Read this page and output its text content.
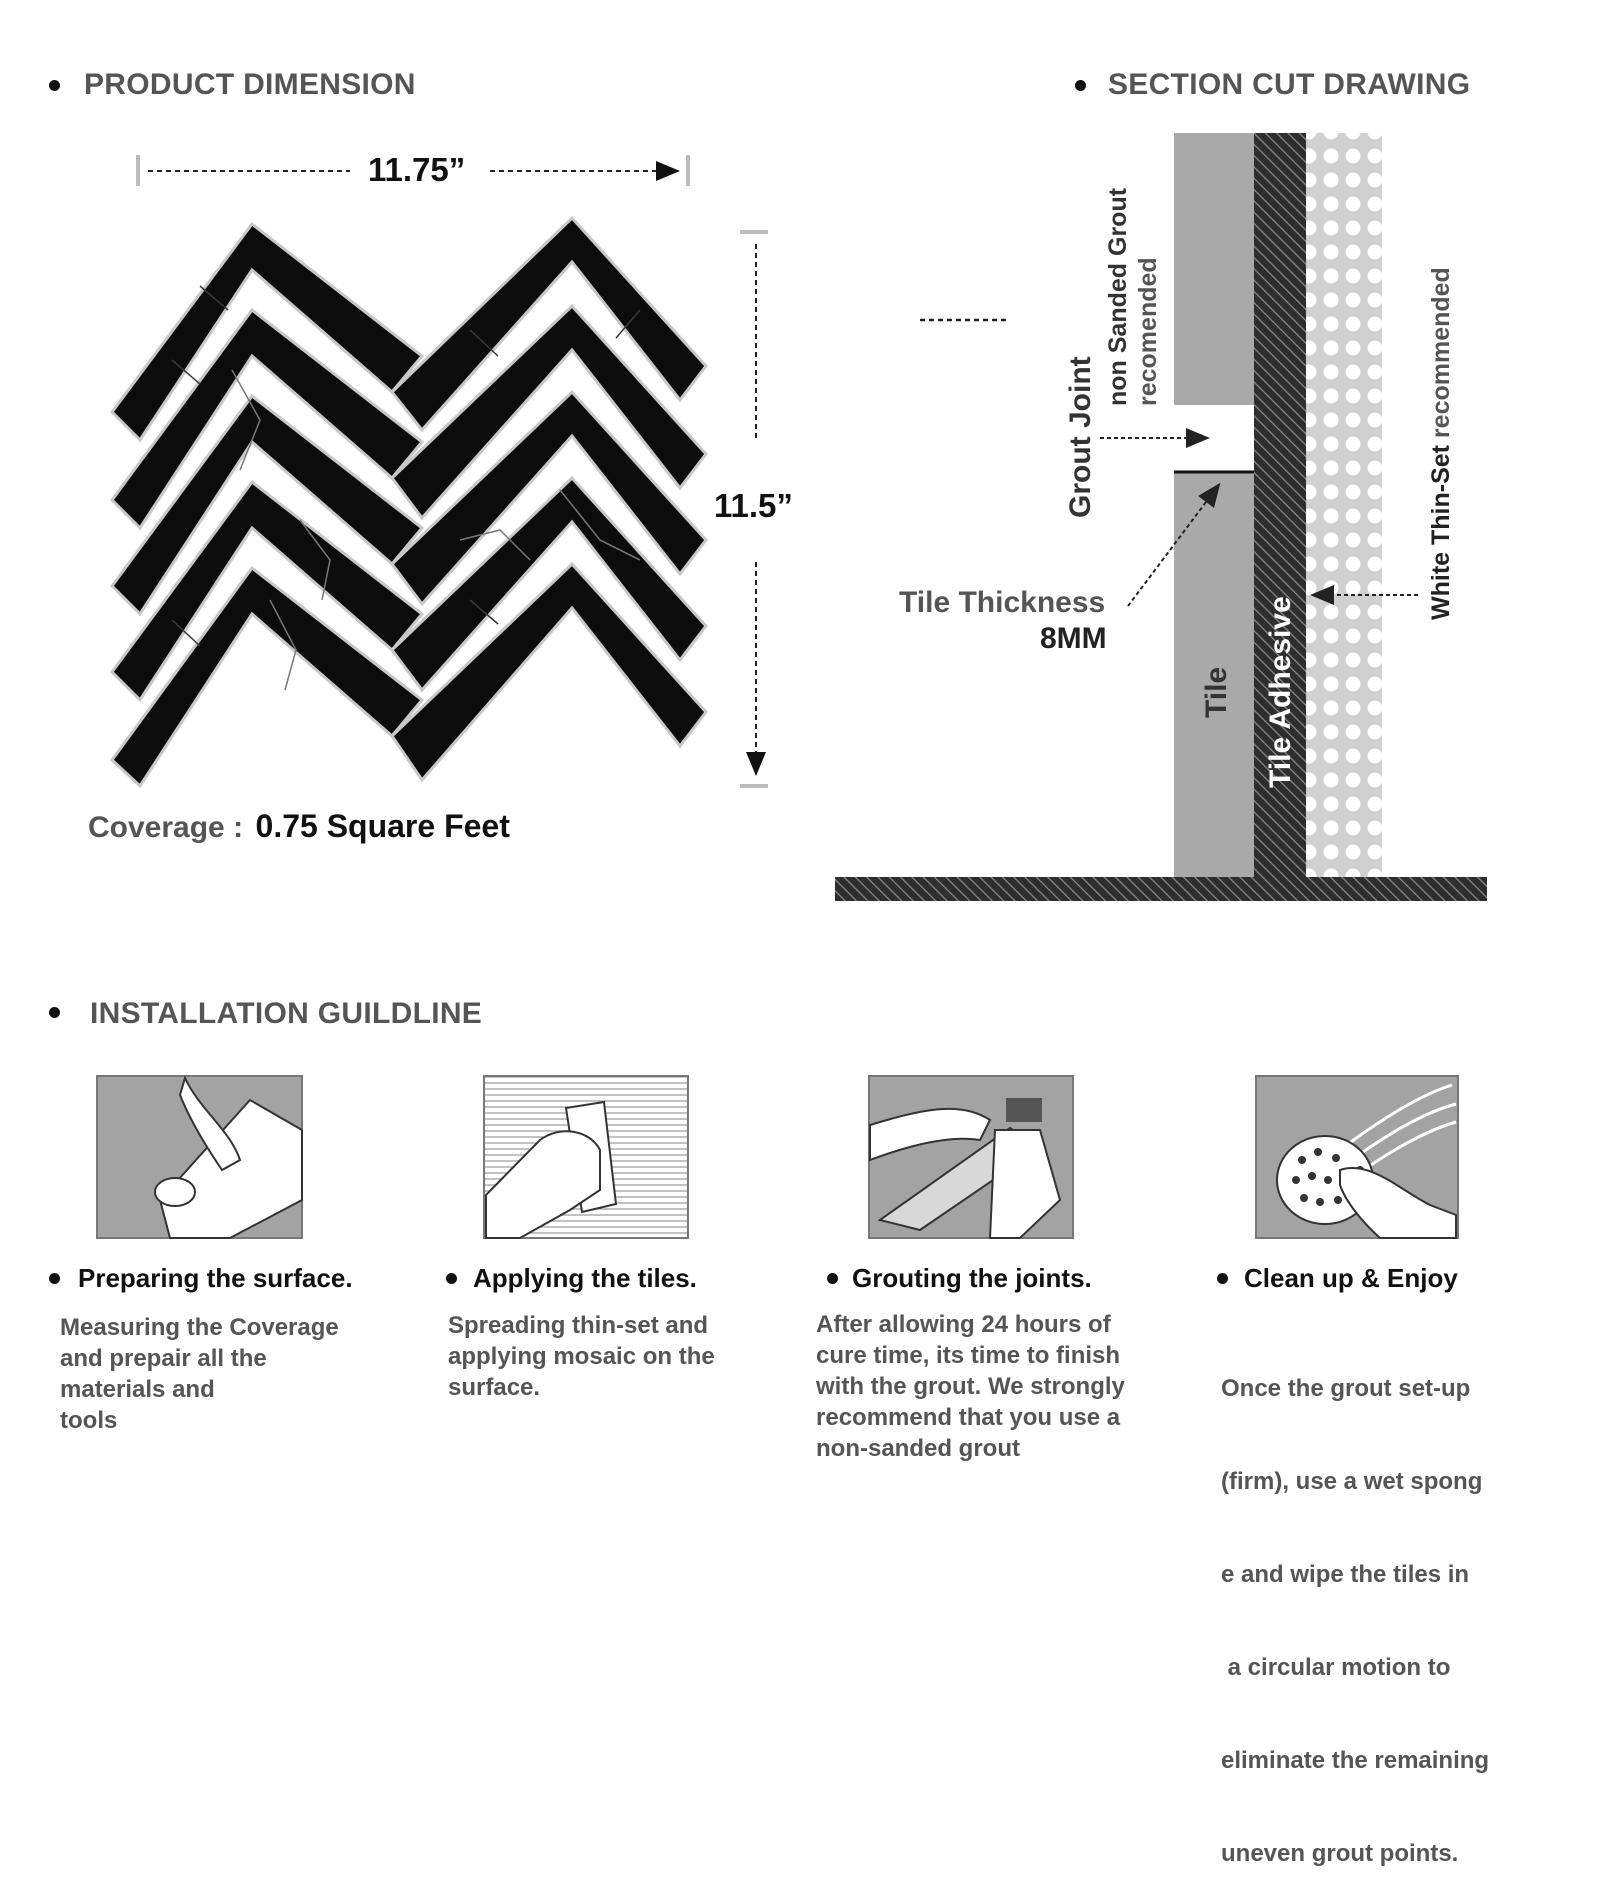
PRODUCT DIMENSION
11.75”
11.5”
Coverage : 0.75 Square Feet
SECTION CUT DRAWING
Grout Joint
non Sanded Grout recomended
Tile Thickness
8MM
Tile Tile Adhesive
White Thin-Set recommended
INSTALLATION GUILDLINE
Preparing the surface.
Measuring the Coverage
and prepair all the
materials and
tools
Applying the tiles.
Spreading thin-set and
applying mosaic on the
surface.
Grouting the joints.
After allowing 24 hours of
cure time, its time to finish
with the grout. We strongly
recommend that you use a
non-sanded grout
Clean up & Enjoy

Once the grout set-up

(firm), use a wet spong

e and wipe the tiles in

a circular motion to

eliminate the remaining

uneven grout points.
